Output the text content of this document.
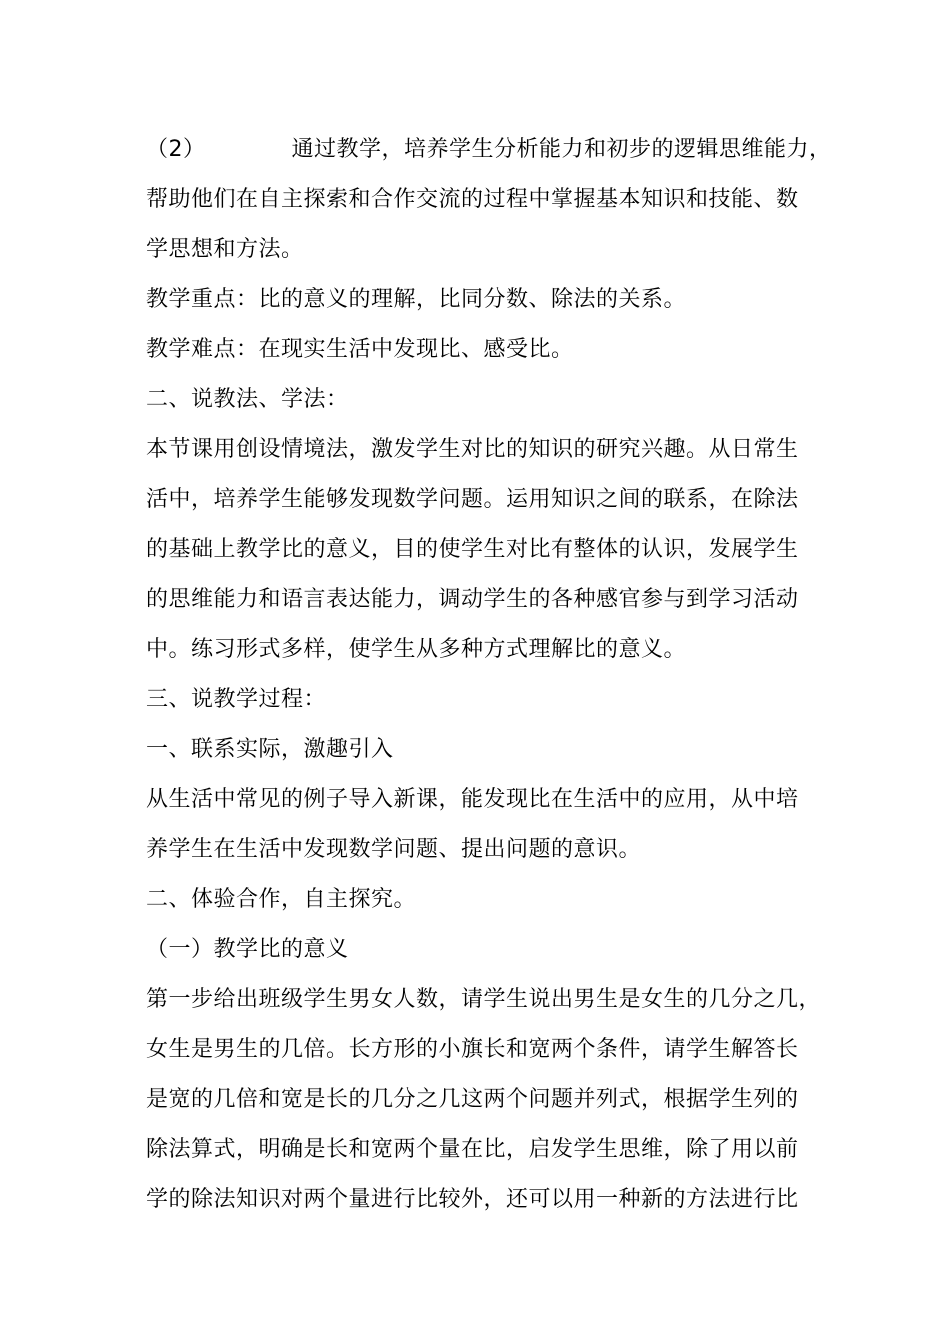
（2）	通过教学，培养学生分析能力和初步的逻辑思维能力，
帮助他们在自主探索和合作交流的过程中掌握基本知识和技能、数
学思想和方法。
教学重点：比的意义的理解，比同分数、除法的关系。
教学难点：在现实生活中发现比、感受比。
二、说教法、学法：
本节课用创设情境法，激发学生对比的知识的研究兴趣。从日常生
活中，培养学生能够发现数学问题。运用知识之间的联系，在除法
的基础上教学比的意义，目的使学生对比有整体的认识，发展学生
的思维能力和语言表达能力，调动学生的各种感官参与到学习活动
中。练习形式多样，使学生从多种方式理解比的意义。
三、说教学过程：
一、联系实际，激趣引入
从生活中常见的例子导入新课，能发现比在生活中的应用，从中培
养学生在生活中发现数学问题、提出问题的意识。
二、体验合作，自主探究。
（一）教学比的意义
第一步给出班级学生男女人数，请学生说出男生是女生的几分之几，
女生是男生的几倍。长方形的小旗长和宽两个条件，请学生解答长
是宽的几倍和宽是长的几分之几这两个问题并列式，根据学生列的
除法算式，明确是长和宽两个量在比，启发学生思维，除了用以前
学的除法知识对两个量进行比较外，还可以用一种新的方法进行比
